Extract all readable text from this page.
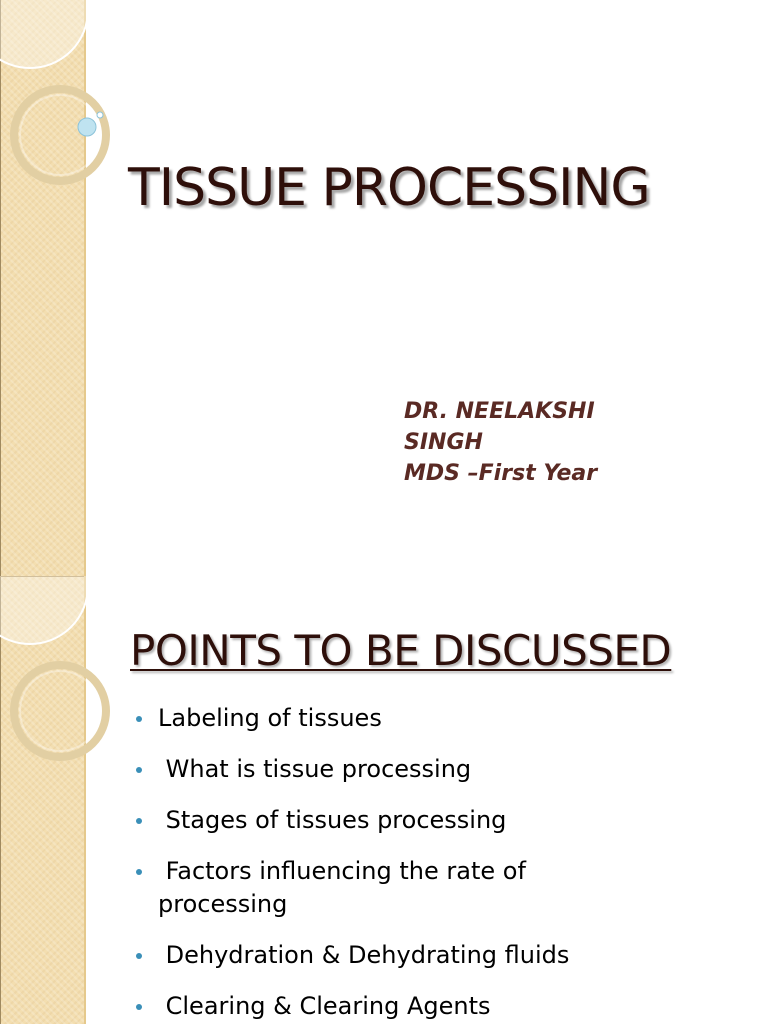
TISSUE PROCESSING
DR. NEELAKSHI
SINGH
MDS –First Year
POINTS TO BE DISCUSSED
Labeling of tissues
What is tissue processing
Stages of tissues processing
Factors influencing the rate of processing
Dehydration & Dehydrating fluids
Clearing & Clearing Agents
